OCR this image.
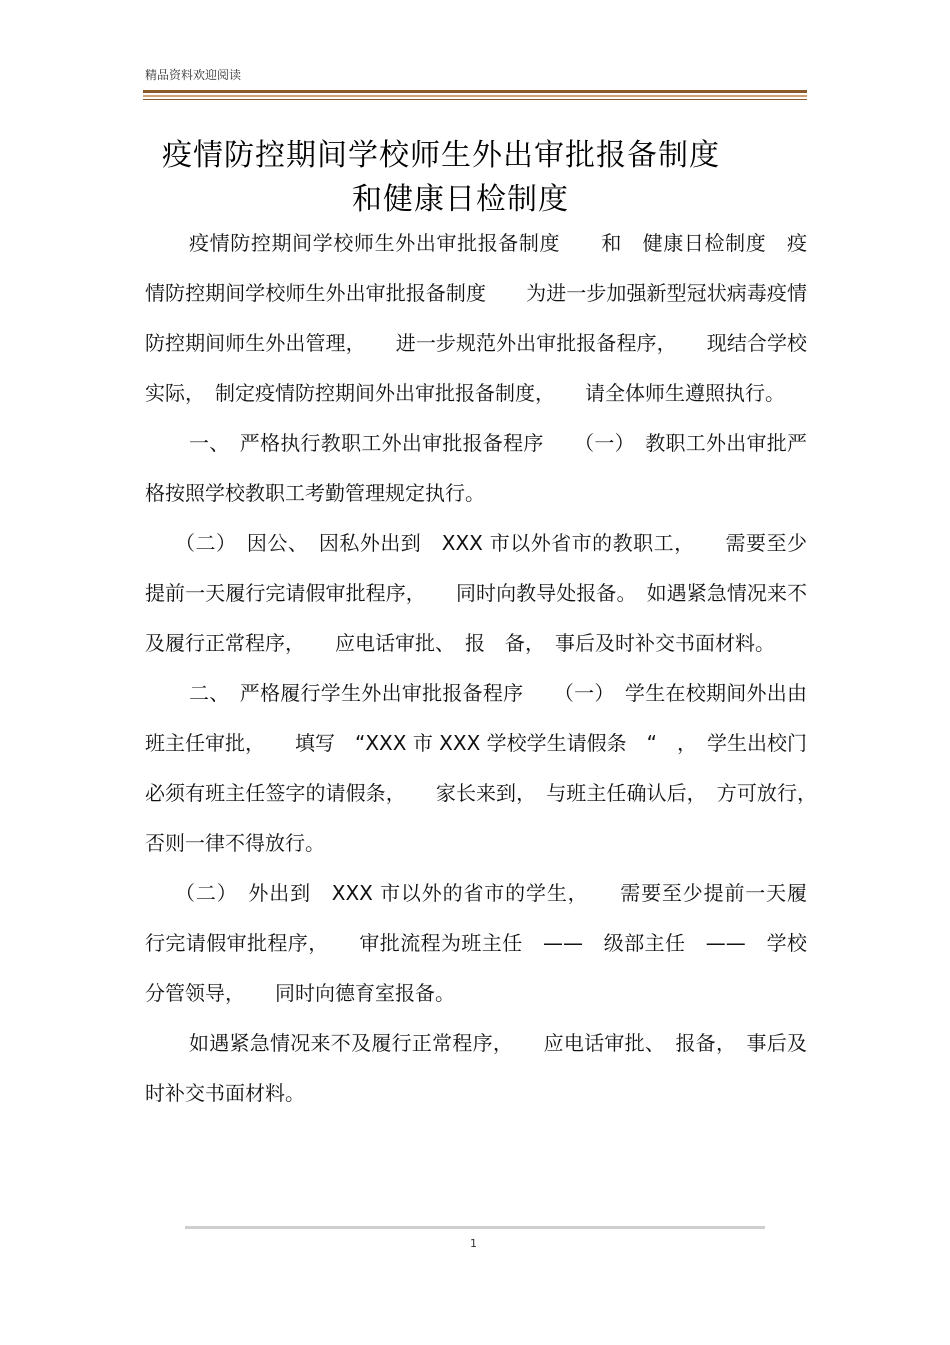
精品资料欢迎阅读
疫情防控期间学校师生外出审批报备制度
和健康日检制度

疫情防控期间学校师生外出审批报备制度　　和　健康日检制度　疫情防控期间学校师生外出审批报备制度　　为进一步加强新型冠状病毒疫情防控期间师生外出管理，　　进一步规范外出审批报备程序，　　现结合学校实际，　制定疫情防控期间外出审批报备制度，　　请全体师生遵照执行。

一、　严格执行教职工外出审批报备程序　　（一）　教职工外出审批严格按照学校教职工考勤管理规定执行。

（二）　因公、　因私外出到　XXX 市以外省市的教职工，　　需要至少　提前一天履行完请假审批程序，　　同时向教导处报备。　如遇紧急情况来不及履行正常程序，　　应电话审批、　报　备，　事后及时补交书面材料。

二、　严格履行学生外出审批报备程序　　（一）　学生在校期间外出由班主任审批，　　填写　“XXX 市 XXX 学校学生请假条　“　，　学生出校门必须有班主任签字的请假条，　　家长来到，　与班主任确认后，　方可放行，　否则一律不得放行。

（二）　外出到　XXX 市以外的省市的学生，　　需要至少提前一天履　行完请假审批程序，　　审批流程为班主任　——　级部主任　——　学校分管领导，　　同时向德育室报备。

如遇紧急情况来不及履行正常程序，　　应电话审批、　报备，　事后及时补交书面材料。

1
